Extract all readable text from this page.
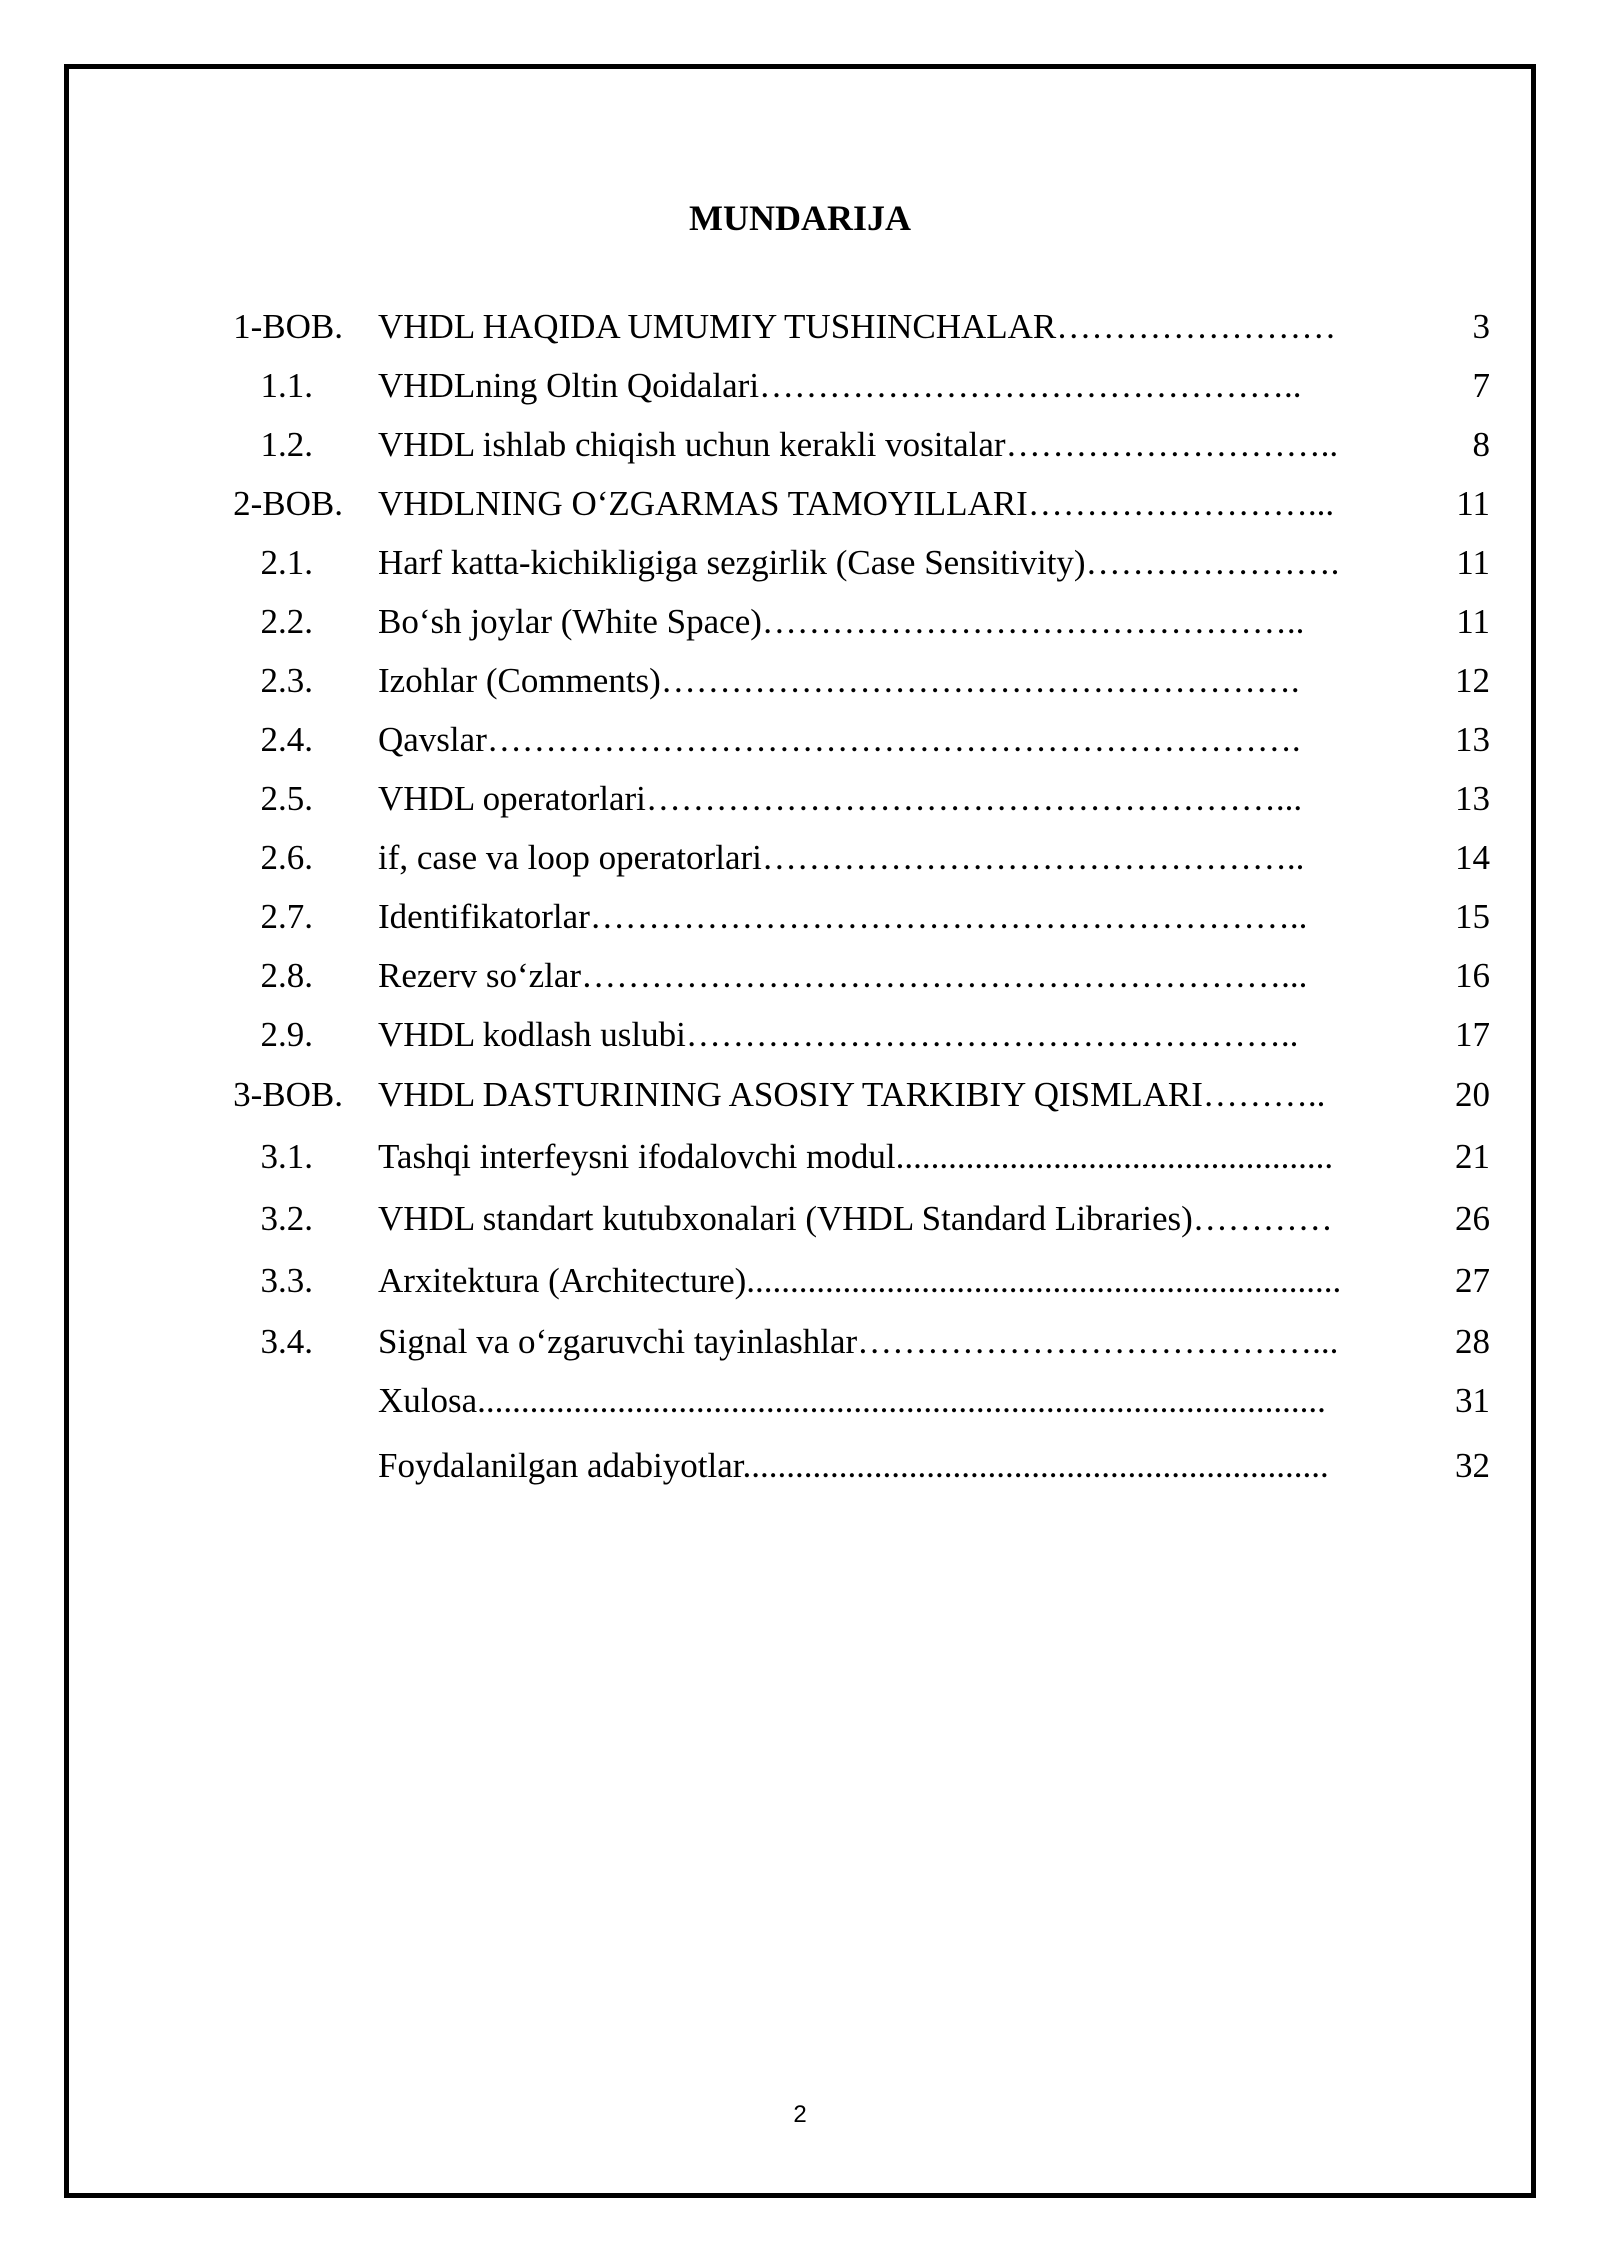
MUNDARIJA
1-BOB. VHDL HAQIDA UMUMIY TUSHINCHALAR……………………	3
1.1. VHDLning Oltin Qoidalari………………………………………..	7
1.2. VHDL ishlab chiqish uchun kerakli vositalar………………………..	8
2-BOB. VHDLNING O‘ZGARMAS TAMOYILLARI……………………...	11
2.1. Harf katta-kichikligiga sezgirlik (Case Sensitivity)………………….	11
2.2. Bo‘sh joylar (White Space)………………………………………..	11
2.3. Izohlar (Comments)……………………………………………….	12
2.4. Qavslar…………………………………………………………….	13
2.5. VHDL operatorlari………………………………………………...	13
2.6. if, case va loop operatorlari………………………………………..	14
2.7. Identifikatorlar……………………………………………………..	15
2.8. Rezerv so‘zlar……………………………………………………...	16
2.9. VHDL kodlash uslubi……………………………………………..	17
3-BOB. VHDL DASTURINING ASOSIY TARKIBIY QISMLARI………..	20
3.1. Tashqi interfeysni ifodalovchi modul..................................................	21
3.2. VHDL standart kutubxonalari (VHDL Standard Libraries)…………	26
3.3. Arxitektura (Architecture)....................................................................	27
3.4. Signal va o‘zgaruvchi tayinlashlar…………………………………...	28
Xulosa.................................................................................................	31
Foydalanilgan adabiyotlar...................................................................	32
2
